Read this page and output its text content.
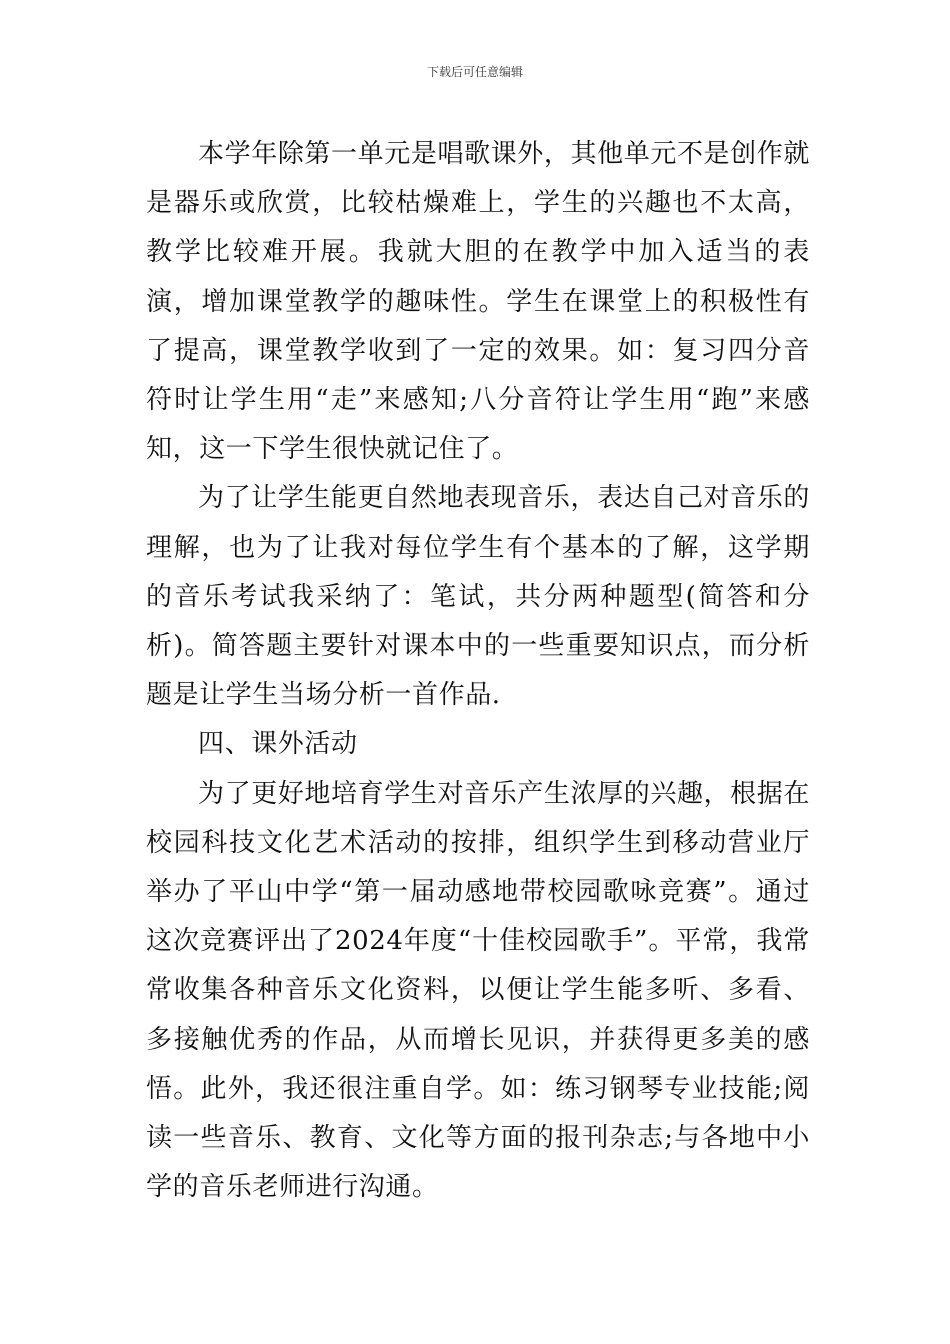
下载后可任意编辑

本学年除第一单元是唱歌课外，其他单元不是创作就是器乐或欣赏，比较枯燥难上，学生的兴趣也不太高，教学比较难开展。我就大胆的在教学中加入适当的表演，增加课堂教学的趣味性。学生在课堂上的积极性有了提高，课堂教学收到了一定的效果。如：复习四分音符时让学生用“走”来感知;八分音符让学生用“跑”来感知，这一下学生很快就记住了。

为了让学生能更自然地表现音乐，表达自己对音乐的理解，也为了让我对每位学生有个基本的了解，这学期的音乐考试我采纳了：笔试，共分两种题型(简答和分析)。简答题主要针对课本中的一些重要知识点，而分析题是让学生当场分析一首作品.

四、课外活动

为了更好地培育学生对音乐产生浓厚的兴趣，根据在校园科技文化艺术活动的按排，组织学生到移动营业厅举办了平山中学“第一届动感地带校园歌咏竞赛”。通过这次竞赛评出了2024年度“十佳校园歌手”。平常，我常常收集各种音乐文化资料，以便让学生能多听、多看、多接触优秀的作品，从而增长见识，并获得更多美的感悟。此外，我还很注重自学。如：练习钢琴专业技能;阅读一些音乐、教育、文化等方面的报刊杂志;与各地中小学的音乐老师进行沟通。
